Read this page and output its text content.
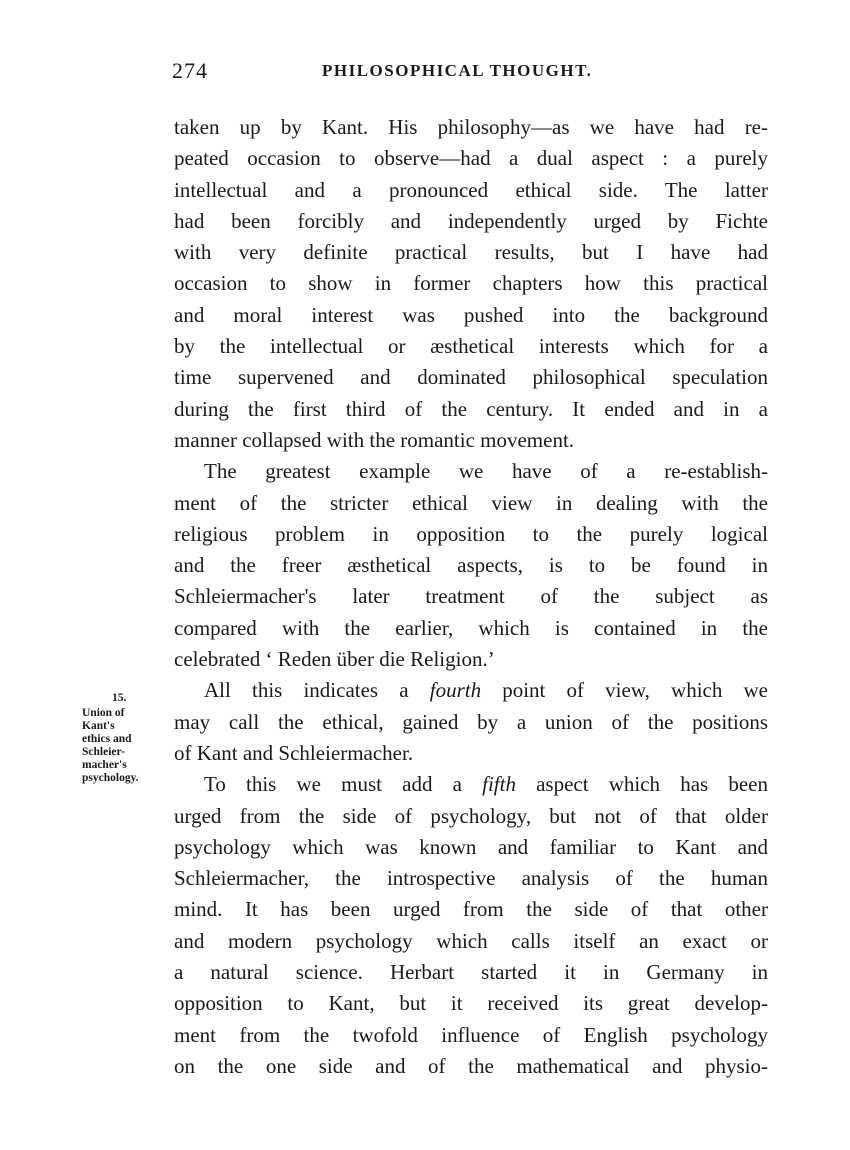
274	PHILOSOPHICAL THOUGHT.
15.
Union of
Kant's
ethics and
Schleier-
macher's
psychology.
taken up by Kant. His philosophy—as we have had re-
peated occasion to observe—had a dual aspect : a purely
intellectual and a pronounced ethical side. The latter
had been forcibly and independently urged by Fichte
with very definite practical results, but I have had
occasion to show in former chapters how this practical
and moral interest was pushed into the background
by the intellectual or æsthetical interests which for a
time supervened and dominated philosophical speculation
during the first third of the century. It ended and in a
manner collapsed with the romantic movement.
The greatest example we have of a re-establish-
ment of the stricter ethical view in dealing with the
religious problem in opposition to the purely logical
and the freer æsthetical aspects, is to be found in
Schleiermacher's later treatment of the subject as
compared with the earlier, which is contained in the
celebrated ‘ Reden über die Religion.’
All this indicates a fourth point of view, which we
may call the ethical, gained by a union of the positions
of Kant and Schleiermacher.
To this we must add a fifth aspect which has been
urged from the side of psychology, but not of that older
psychology which was known and familiar to Kant and
Schleiermacher, the introspective analysis of the human
mind. It has been urged from the side of that other
and modern psychology which calls itself an exact or
a natural science. Herbart started it in Germany in
opposition to Kant, but it received its great develop-
ment from the twofold influence of English psychology
on the one side and of the mathematical and physio-
